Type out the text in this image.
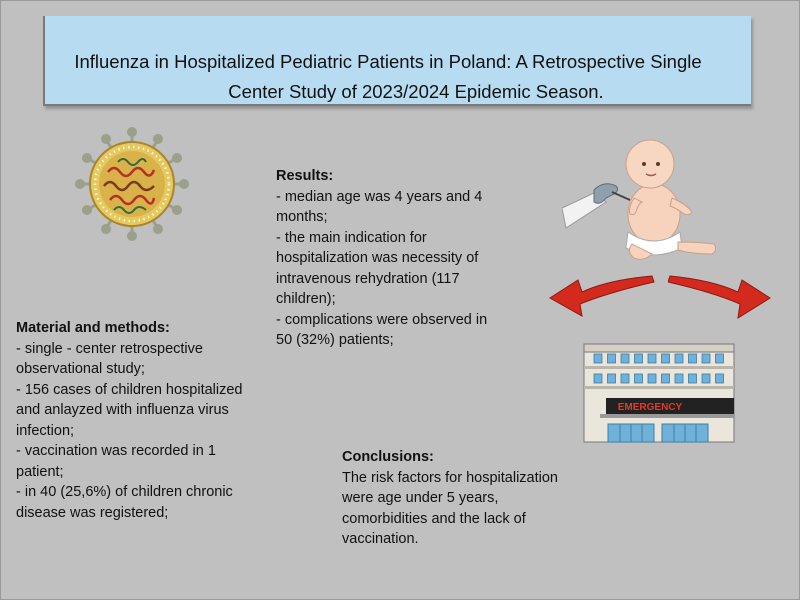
Influenza in Hospitalized Pediatric Patients in Poland: A Retrospective Single
Center Study of 2023/2024 Epidemic Season.
EMERGENCY
Results:
- median age was 4 years and 4
months;
- the main indication for
hospitalization was necessity of
intravenous rehydration (117
children);
- complications were observed in
50 (32%) patients;
Material and methods:
- single - center retrospective
observational study;
- 156 cases of children hospitalized
and anlayzed with influenza virus
infection;
- vaccination was recorded in 1
patient;
- in 40 (25,6%) of children chronic
disease was registered;
Conclusions:
The risk factors for hospitalization
were age under 5 years,
comorbidities and the lack of
vaccination.
